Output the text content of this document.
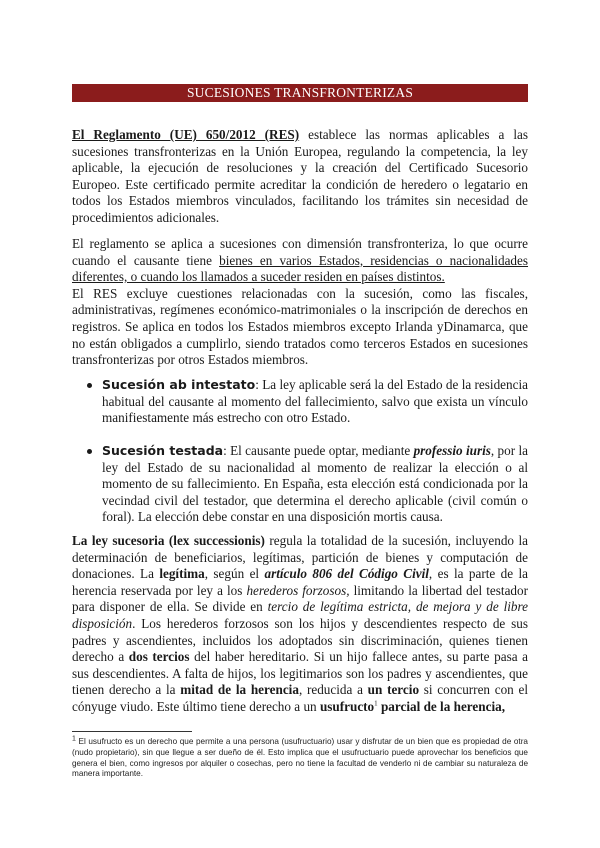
SUCESIONES TRANSFRONTERIZAS

El Reglamento (UE) 650/2012 (RES) establece las normas aplicables a las sucesiones transfronterizas en la Unión Europea, regulando la competencia, la ley aplicable, la ejecución de resoluciones y la creación del Certificado Sucesorio Europeo. Este certificado permite acreditar la condición de heredero o legatario en todos los Estados miembros vinculados, facilitando los trámites sin necesidad de procedimientos adicionales.

El reglamento se aplica a sucesiones con dimensión transfronteriza, lo que ocurre cuando el causante tiene bienes en varios Estados, residencias o nacionalidades diferentes, o cuando los llamados a suceder residen en países distintos.
El RES excluye cuestiones relacionadas con la sucesión, como las fiscales, administrativas, regímenes económico-matrimoniales o la inscripción de derechos en registros. Se aplica en todos los Estados miembros excepto Irlanda yDinamarca, que no están obligados a cumplirlo, siendo tratados como terceros Estados en sucesiones transfronterizas por otros Estados miembros.

Sucesión ab intestato: La ley aplicable será la del Estado de la residencia habitual del causante al momento del fallecimiento, salvo que exista un vínculo manifiestamente más estrecho con otro Estado.

Sucesión testada: El causante puede optar, mediante professio iuris, por la ley del Estado de su nacionalidad al momento de realizar la elección o al momento de su fallecimiento. En España, esta elección está condicionada por la vecindad civil del testador, que determina el derecho aplicable (civil común o foral). La elección debe constar en una disposición mortis causa.

La ley sucesoria (lex successionis) regula la totalidad de la sucesión, incluyendo la determinación de beneficiarios, legítimas, partición de bienes y computación de donaciones. La legítima, según el artículo 806 del Código Civil, es la parte de la herencia reservada por ley a los herederos forzosos, limitando la libertad del testador para disponer de ella. Se divide en tercio de legítima estricta, de mejora y de libre disposición. Los herederos forzosos son los hijos y descendientes respecto de sus padres y ascendientes, incluidos los adoptados sin discriminación, quienes tienen derecho a dos tercios del haber hereditario. Si un hijo fallece antes, su parte pasa a sus descendientes. A falta de hijos, los legitimarios son los padres y ascendientes, que tienen derecho a la mitad de la herencia, reducida a un tercio si concurren con el cónyuge viudo. Este último tiene derecho a un usufructo$^1$ parcial de la herencia,

$^1$ El usufructo es un derecho que permite a una persona (usufructuario) usar y disfrutar de un bien que es propiedad de otra (nudo propietario), sin que llegue a ser dueño de él. Esto implica que el usufructuario puede aprovechar los beneficios que genera el bien, como ingresos por alquiler o cosechas, pero no tiene la facultad de venderlo ni de cambiar su naturaleza de manera importante.
